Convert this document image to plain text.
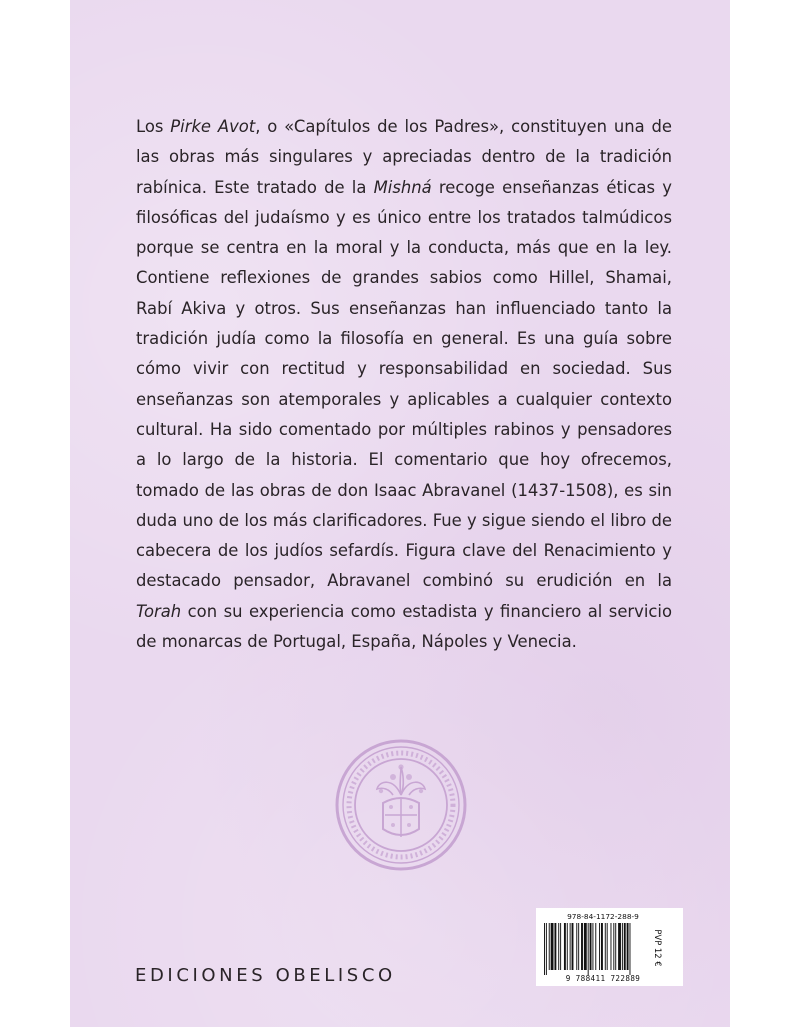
Los Pirke Avot, o «Capítulos de los Padres», constituyen una de las obras más singulares y apreciadas dentro de la tradición rabínica. Este tratado de la Mishná recoge enseñanzas éticas y filosóficas del judaísmo y es único entre los tratados talmúdicos porque se centra en la moral y la conducta, más que en la ley. Contiene reflexiones de grandes sabios como Hillel, Shamai, Rabí Akiva y otros. Sus enseñanzas han influenciado tanto la tradición judía como la filosofía en general. Es una guía sobre cómo vivir con rectitud y responsabilidad en sociedad. Sus enseñanzas son atemporales y aplicables a cualquier contexto cultural. Ha sido comentado por múltiples rabinos y pensadores a lo largo de la historia. El comentario que hoy ofrecemos, tomado de las obras de don Isaac Abravanel (1437-1508), es sin duda uno de los más clarificadores. Fue y sigue siendo el libro de cabecera de los judíos sefardís. Figura clave del Renacimiento y destacado pensador, Abravanel combinó su erudición en la Torah con su experiencia como estadista y financiero al servicio de monarcas de Portugal, España, Nápoles y Venecia.

978-84-1172-288-9
9 788411 722889
PVP 12 €
EDICIONES OBELISCO
